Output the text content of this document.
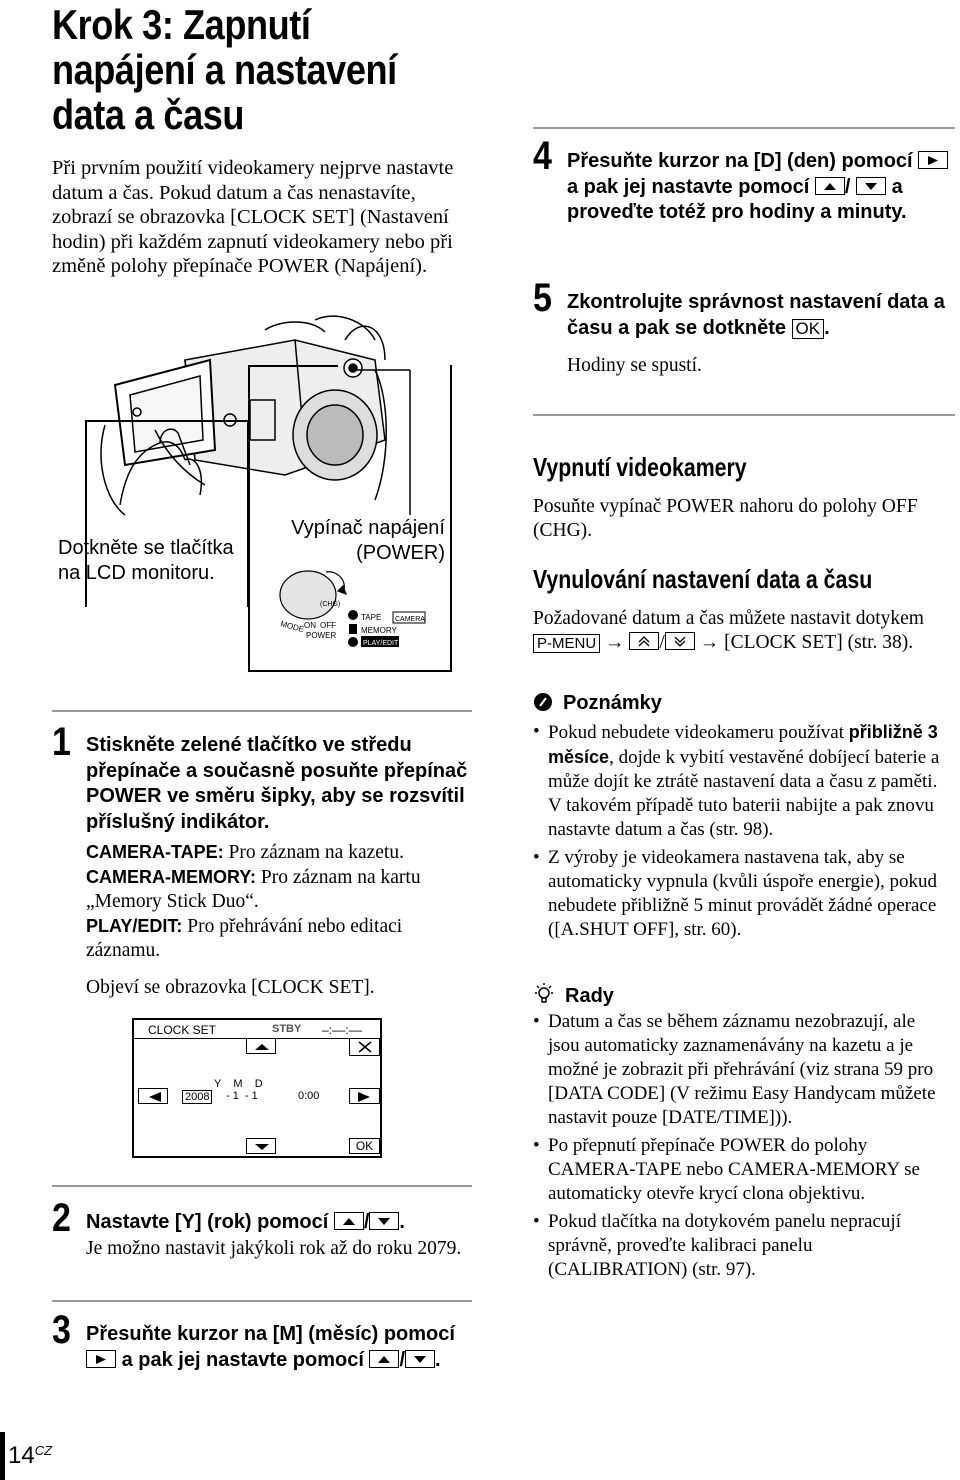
Krok 3: Zapnutí napájení a nastavení data a času
Při prvním použití videokamery nejprve nastavte datum a čas. Pokud datum a čas nenastavíte, zobrazí se obrazovka [CLOCK SET] (Nastavení hodin) při každém zapnutí videokamery nebo při změně polohy přepínače POWER (Napájení).
Dotkněte se tlačítka na LCD monitoru.
Vypínač napájení (POWER)
MODE ON OFF
POWER
(CHG)
TAPE CAMERA
MEMORY
PLAY/EDIT
1 Stiskněte zelené tlačítko ve středu přepínače a současně posuňte přepínač POWER ve směru šipky, aby se rozsvítil příslušný indikátor.
CAMERA-TAPE: Pro záznam na kazetu.
CAMERA-MEMORY: Pro záznam na kartu „Memory Stick Duo“.
PLAY/EDIT: Pro přehrávání nebo editaci záznamu.
Objeví se obrazovka [CLOCK SET].
CLOCK SET	STBY –:––:––
Y    M    D
2008 - 1  - 1	0:00
OK
2 Nastavte [Y] (rok) pomocí / .
Je možno nastavit jakýkoli rok až do roku 2079.
3 Přesuňte kurzor na [M] (měsíc) pomocí
a pak jej nastavte pomocí / .
4 Přesuňte kurzor na [D] (den) pomocí
a pak jej nastavte pomocí /
a proveďte totéž pro hodiny a minuty.
5 Zkontrolujte správnost nastavení data a času a pak se dotkněte OK .
Hodiny se spustí.
Vypnutí videokamery
Posuňte vypínač POWER nahoru do polohy OFF (CHG).
Vynulování nastavení data a času
Požadované datum a čas můžete nastavit dotykem P-MENU → / → [CLOCK SET] (str. 38).
Poznámky
• Pokud nebudete videokameru používat přibližně 3 měsíce, dojde k vybití vestavěné dobíjecí baterie a může dojít ke ztrátě nastavení data a času z paměti. V takovém případě tuto baterii nabijte a pak znovu nastavte datum a čas (str. 98).
• Z výroby je videokamera nastavena tak, aby se automaticky vypnula (kvůli úspoře energie), pokud nebudete přibližně 5 minut provádět žádné operace ([A.SHUT OFF], str. 60).
Rady
• Datum a čas se během záznamu nezobrazují, ale jsou automaticky zaznamenávány na kazetu a je možné je zobrazit při přehrávání (viz strana 59 pro [DATA CODE] (V režimu Easy Handycam můžete nastavit pouze [DATE/TIME])).
• Po přepnutí přepínače POWER do polohy CAMERA-TAPE nebo CAMERA-MEMORY se automaticky otevře krycí clona objektivu.
• Pokud tlačítka na dotykovém panelu nepracují správně, proveďte kalibraci panelu (CALIBRATION) (str. 97).
$14^{CZ}$
